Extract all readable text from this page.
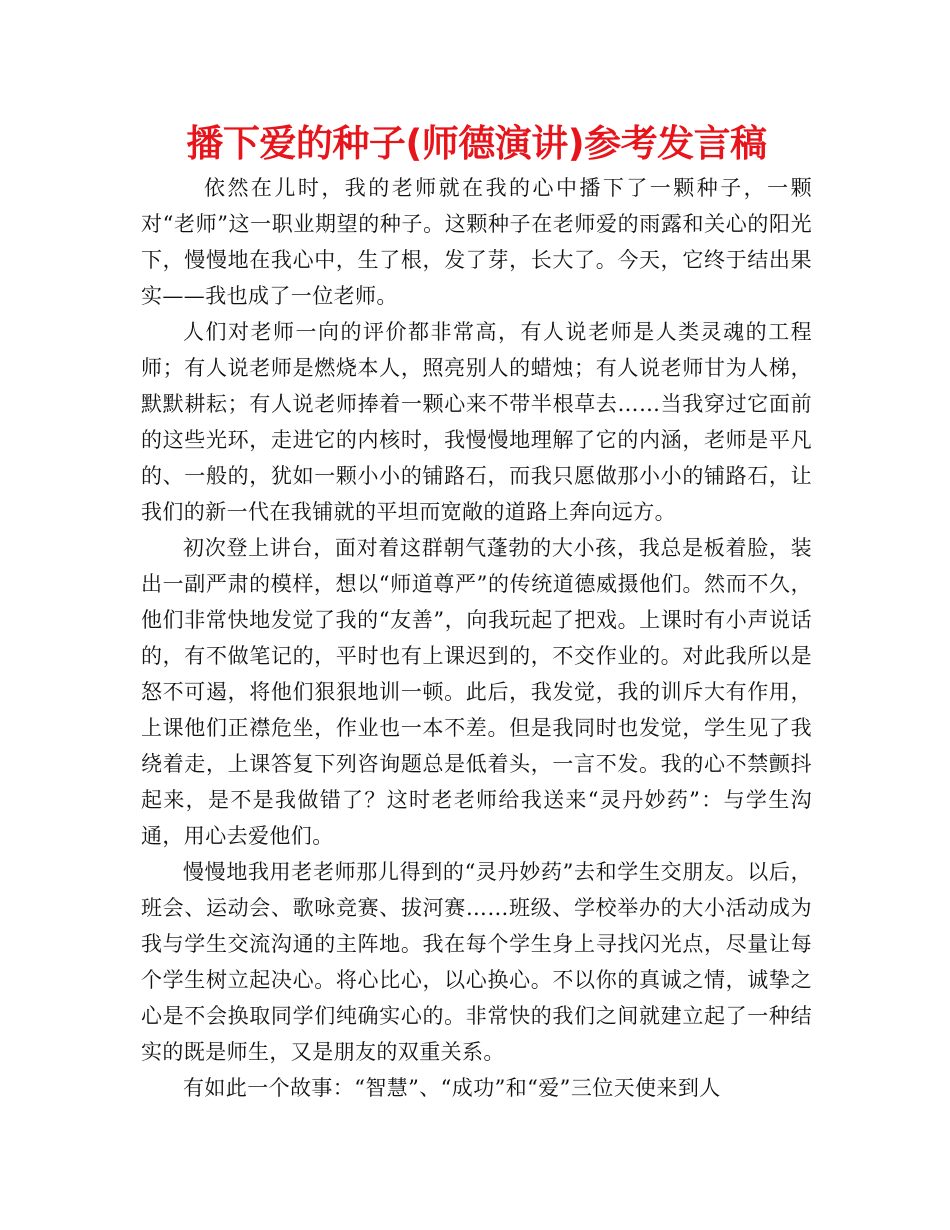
播下爱的种子(师德演讲)参考发言稿

依然在儿时，我的老师就在我的心中播下了一颗种子，一颗对“老师”这一职业期望的种子。这颗种子在老师爱的雨露和关心的阳光下，慢慢地在我心中，生了根，发了芽，长大了。今天，它终于结出果实——我也成了一位老师。

人们对老师一向的评价都非常高，有人说老师是人类灵魂的工程师；有人说老师是燃烧本人，照亮别人的蜡烛；有人说老师甘为人梯，默默耕耘；有人说老师捧着一颗心来不带半根草去……当我穿过它面前的这些光环，走进它的内核时，我慢慢地理解了它的内涵，老师是平凡的、一般的，犹如一颗小小的铺路石，而我只愿做那小小的铺路石，让我们的新一代在我铺就的平坦而宽敞的道路上奔向远方。

初次登上讲台，面对着这群朝气蓬勃的大小孩，我总是板着脸，装出一副严肃的模样，想以“师道尊严”的传统道德威摄他们。然而不久，他们非常快地发觉了我的“友善”，向我玩起了把戏。上课时有小声说话的，有不做笔记的，平时也有上课迟到的，不交作业的。对此我所以是怒不可遏，将他们狠狠地训一顿。此后，我发觉，我的训斥大有作用，上课他们正襟危坐，作业也一本不差。但是我同时也发觉，学生见了我绕着走，上课答复下列咨询题总是低着头，一言不发。我的心不禁颤抖起来，是不是我做错了？这时老老师给我送来“灵丹妙药”：与学生沟通，用心去爱他们。

慢慢地我用老老师那儿得到的“灵丹妙药”去和学生交朋友。以后，班会、运动会、歌咏竞赛、拔河赛……班级、学校举办的大小活动成为我与学生交流沟通的主阵地。我在每个学生身上寻找闪光点，尽量让每个学生树立起决心。将心比心，以心换心。不以你的真诚之情，诚挚之心是不会换取同学们纯确实心的。非常快的我们之间就建立起了一种结实的既是师生，又是朋友的双重关系。

有如此一个故事：“智慧”、“成功”和“爱”三位天使来到人
